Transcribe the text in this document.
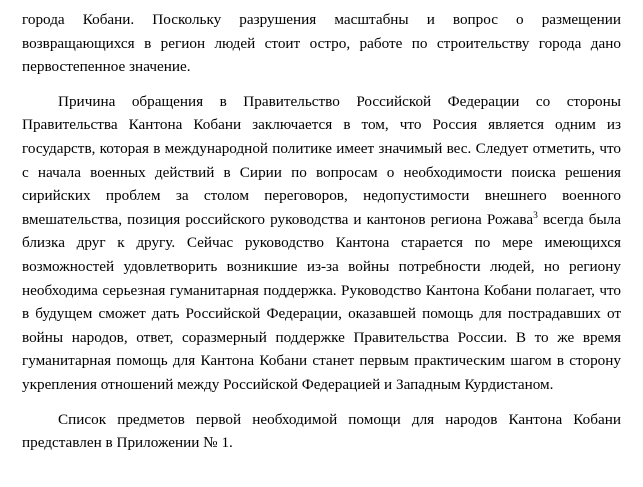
города Кобани. Поскольку разрушения масштабны и вопрос о размещении возвращающихся в регион людей стоит остро, работе по строительству города дано первостепенное значение.

Причина обращения в Правительство Российской Федерации со стороны Правительства Кантона Кобани заключается в том, что Россия является одним из государств, которая в международной политике имеет значимый вес. Следует отметить, что с начала военных действий в Сирии по вопросам о необходимости поиска решения сирийских проблем за столом переговоров, недопустимости внешнего военного вмешательства, позиция российского руководства и кантонов региона Рожава$^3$ всегда была близка друг к другу. Сейчас руководство Кантона старается по мере имеющихся возможностей удовлетворить возникшие из-за войны потребности людей, но региону необходима серьезная гуманитарная поддержка. Руководство Кантона Кобани полагает, что в будущем сможет дать Российской Федерации, оказавшей помощь для пострадавших от войны народов, ответ, соразмерный поддержке Правительства России. В то же время гуманитарная помощь для Кантона Кобани станет первым практическим шагом в сторону укрепления отношений между Российской Федерацией и Западным Курдистаном.

Список предметов первой необходимой помощи для народов Кантона Кобани представлен в Приложении № 1.
